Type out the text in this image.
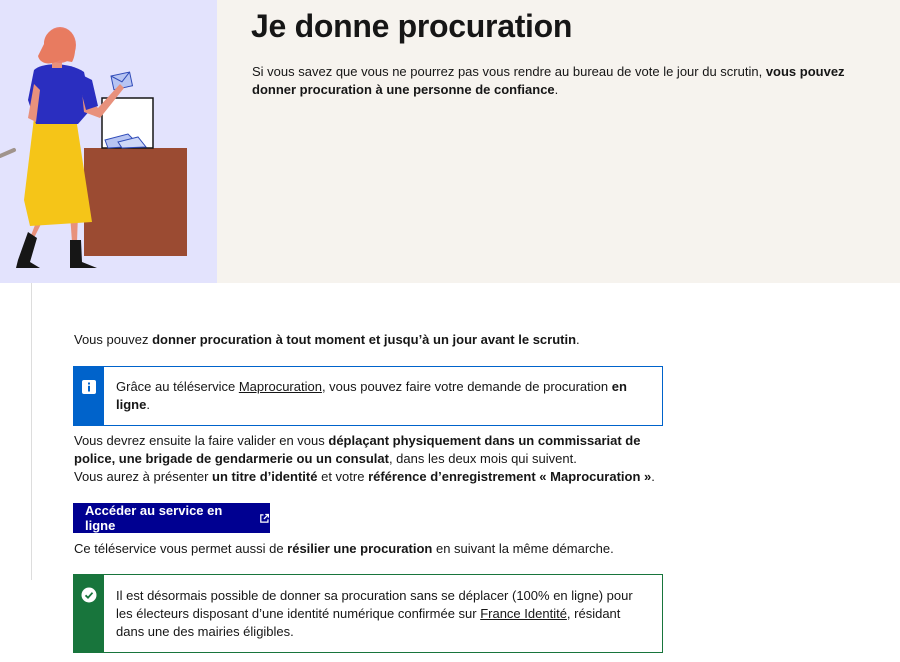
Je donne procuration

Si vous savez que vous ne pourrez pas vous rendre au bureau de vote le jour du scrutin, vous pouvez donner procuration à une personne de confiance.

Vous pouvez donner procuration à tout moment et jusqu’à un jour avant le scrutin.

Grâce au téléservice Maprocuration, vous pouvez faire votre demande de procuration en ligne.

Vous devrez ensuite la faire valider en vous déplaçant physiquement dans un commissariat de police, une brigade de gendarmerie ou un consulat, dans les deux mois qui suivent.
Vous aurez à présenter un titre d’identité et votre référence d’enregistrement « Maprocuration ».

Accéder au service en ligne

Ce téléservice vous permet aussi de résilier une procuration en suivant la même démarche.

Il est désormais possible de donner sa procuration sans se déplacer (100% en ligne) pour les électeurs disposant d’une identité numérique confirmée sur France Identité, résidant dans une des mairies éligibles.
